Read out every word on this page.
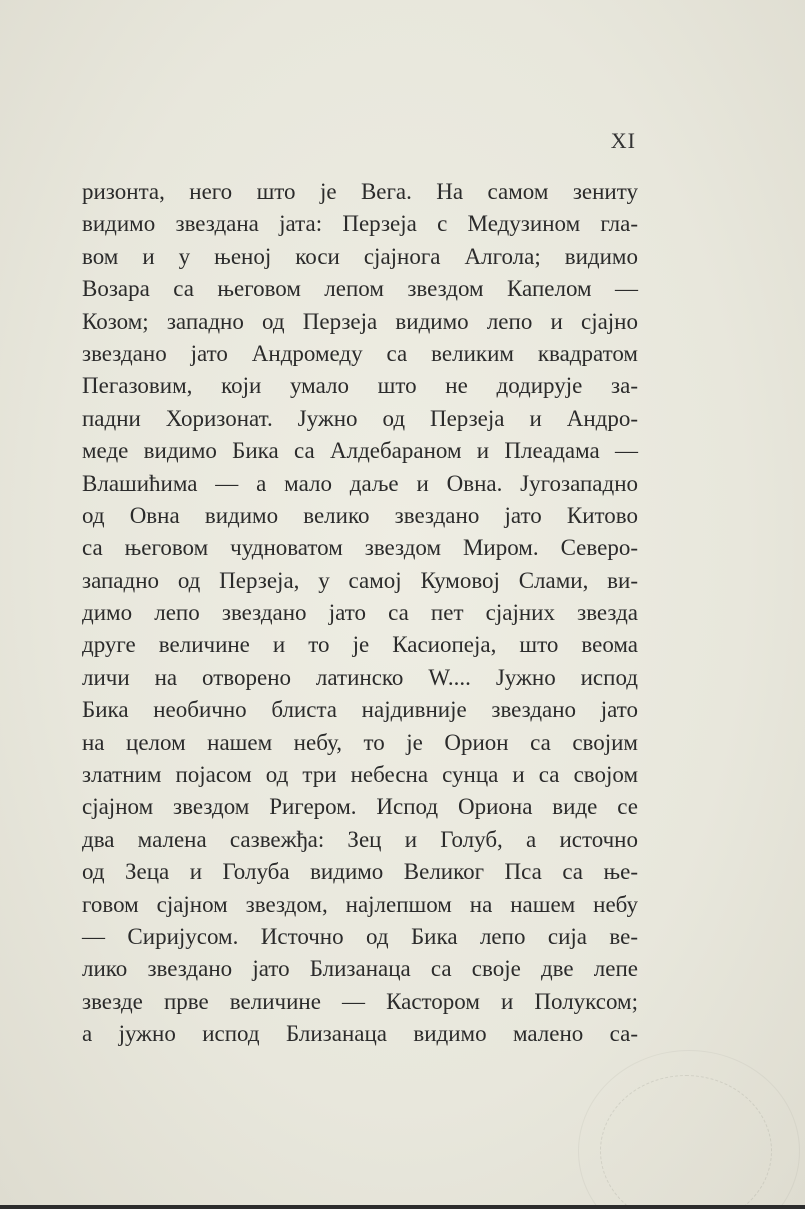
XI
ризонта, него што је Вега. На самом зениту
видимо звездана јата: Перзеја с Медузином гла-
вом и у њеној коси сјајнога Алгола; видимо
Возара са његовом лепом звездом Капелом —
Козом; западно од Перзеја видимо лепо и сјајно
звездано јато Андромеду са великим квадратом
Пегазовим, који умало што не додирује за-
падни Хоризонат. Јужно од Перзеја и Андро-
меде видимо Бика са Алдебараном и Плеадама —
Влашићима — а мало даље и Овна. Југозападно
од Овна видимо велико звездано јато Китово
са његовом чудноватом звездом Миром. Северо-
западно од Перзеја, у самој Кумовој Слами, ви-
димо лепо звездано јато са пет сјајних звезда
друге величине и то је Касиопеја, што веома
личи на отворено латинско W.... Јужно испод
Бика необично блиста најдивније звездано јато
на целом нашем небу, то је Орион са својим
златним појасом од три небесна сунца и са својом
сјајном звездом Ригером. Испод Ориона виде се
два малена сазвежђа: Зец и Голуб, а источно
од Зеца и Голуба видимо Великог Пса са ње-
говом сјајном звездом, најлепшом на нашем небу
— Сиријусом. Источно од Бика лепо сија ве-
лико звездано јато Близанаца са своје две лепе
звезде прве величине — Кастором и Полуксом;
а јужно испод Близанаца видимо малено са-
